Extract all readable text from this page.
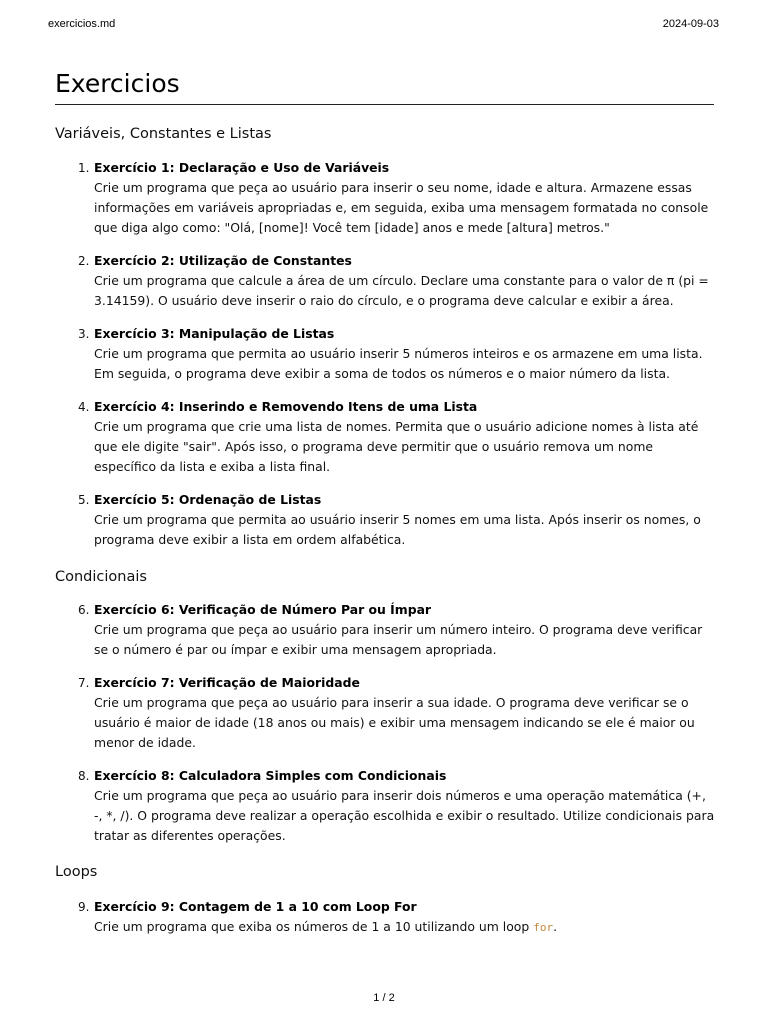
exercicios.md	2024-09-03
Exercicios
Variáveis, Constantes e Listas
1. Exercício 1: Declaração e Uso de Variáveis
Crie um programa que peça ao usuário para inserir o seu nome, idade e altura. Armazene essas informações em variáveis apropriadas e, em seguida, exiba uma mensagem formatada no console que diga algo como: "Olá, [nome]! Você tem [idade] anos e mede [altura] metros."
2. Exercício 2: Utilização de Constantes
Crie um programa que calcule a área de um círculo. Declare uma constante para o valor de π (pi = 3.14159). O usuário deve inserir o raio do círculo, e o programa deve calcular e exibir a área.
3. Exercício 3: Manipulação de Listas
Crie um programa que permita ao usuário inserir 5 números inteiros e os armazene em uma lista. Em seguida, o programa deve exibir a soma de todos os números e o maior número da lista.
4. Exercício 4: Inserindo e Removendo Itens de uma Lista
Crie um programa que crie uma lista de nomes. Permita que o usuário adicione nomes à lista até que ele digite "sair". Após isso, o programa deve permitir que o usuário remova um nome específico da lista e exiba a lista final.
5. Exercício 5: Ordenação de Listas
Crie um programa que permita ao usuário inserir 5 nomes em uma lista. Após inserir os nomes, o programa deve exibir a lista em ordem alfabética.
Condicionais
6. Exercício 6: Verificação de Número Par ou Ímpar
Crie um programa que peça ao usuário para inserir um número inteiro. O programa deve verificar se o número é par ou ímpar e exibir uma mensagem apropriada.
7. Exercício 7: Verificação de Maioridade
Crie um programa que peça ao usuário para inserir a sua idade. O programa deve verificar se o usuário é maior de idade (18 anos ou mais) e exibir uma mensagem indicando se ele é maior ou menor de idade.
8. Exercício 8: Calculadora Simples com Condicionais
Crie um programa que peça ao usuário para inserir dois números e uma operação matemática (+, -, *, /). O programa deve realizar a operação escolhida e exibir o resultado. Utilize condicionais para tratar as diferentes operações.
Loops
9. Exercício 9: Contagem de 1 a 10 com Loop For
Crie um programa que exiba os números de 1 a 10 utilizando um loop for.
1 / 2
